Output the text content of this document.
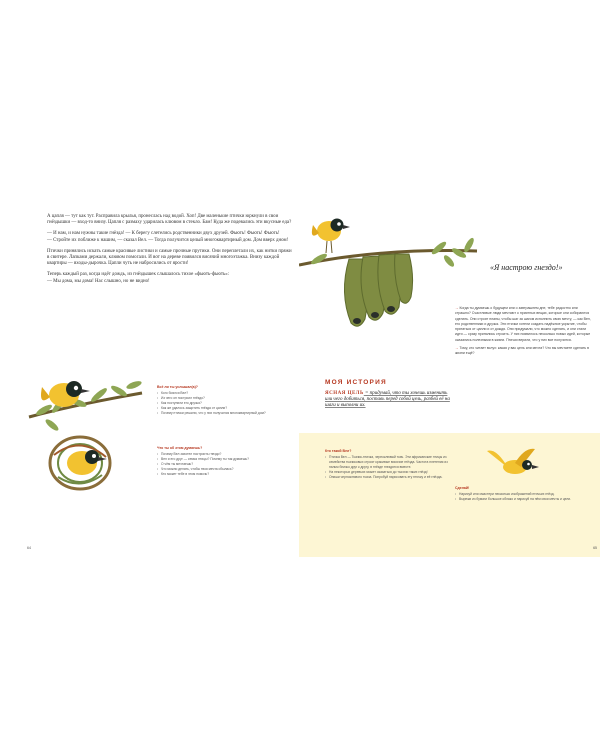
А цапля — тут как тут. Расправила крылья, пронеслась над водой. Хоп! Две маленькие птички юркнули в свои гнёздышки — вход-то внизу. Цапля с размаху ударилась клювом в стекло. Бам! Куда же подевались эти вкусные еда?

— И нам, и нам нужны такие гнёзда! — К берегу слетелись родственники двух друзей. Фьють! Фьють! Фьють!
— Стройте их поближе к нашим, — сказал Вел. — Тогда получится целый многоквартирный дом. Дом вверх дном!

Птички принялись искать самые красивые листики и самые прочные прутики. Они переплетали их, как нитки пряжи в свитере. Лапками держали, клювом помогали. И вот на дереве появился висячий многоэтажка. Внизу каждой квартиры — входы-дырочка. Цапли чуть не набросились от ярости!

Теперь каждый раз, когда идёт дождь, из гнёздышек слышалось тихое «фьють-фьють»:
— Мы дома, мы дома! Нас слышно, но не видно!

Всё ли ты услышал(а)?
• Кого боялся Вел?
• Из чего он построил гнёздо?
• Как поступили его друзья?
• Как же удалось защитить гнёзда от цапли?
• Почему птички решили, что у них получился многоквартирный дом?
Что ты об этом думаешь?
• Почему Вел захотел построить гнездо?
• Вел и его друг — семья птицы? Почему ты так думаешь?
• О чём ты мечтаешь?
• Что можно делать, чтобы твоя мечта сбылась?
• Кто может тебе в этом помочь?
64
«Я настрою гнездо!»

→ Когда ты думаешь о будущем или о завтрашнем дне, тебе радостно или страшно? Счастливые люди мечтают о приятных вещах, которые они собираются сделать. Они строят планы, чтобы шаг за шагом исполнить свою мечту, — как Вел, его родственники и друзья. Эти птички хотели создать надёжное укрытие, чтобы прятаться от цапли и от дождя. Они придумали, что можно сделать, и они стали идти — сразу принялись строить. У них появилось несколько новых идей, которые оказались полезными в жизни. Птички верили, что у них все получится.

→ Тому, кто читает вслух: какая у вас цель или мечта? Что вы мечтаете сделать в жизни ещё?

МОЯ ИСТОРИЯ
ЯСНАЯ ЦЕЛЬ = придумай, что ты хочешь изменить или чего добиться, поставь перед собой цель, разбей её на шаги и выполни их.
Кто такой Вел?
• Птичка Вел — Ткачик-птичка, черноклювый ткач. Эти африканские птицы из семейства ткачиковых строят красивые висячие гнёзда. Частота плетения из пальм близко друг к другу, в гнёзде гнездятся вместе.
• На некоторых деревьях может оказаться до тысячи таких гнёзд!
• Опиши черноклювого ткача. Попробуй нарисовать эту птичку и её гнёзда.
Сделай!
• Нарисуй или смастери несколько изображений птичьих гнёзд.
• Вырежи из бумаги большое облако и нарисуй на нём свои мечты и цели.
65
